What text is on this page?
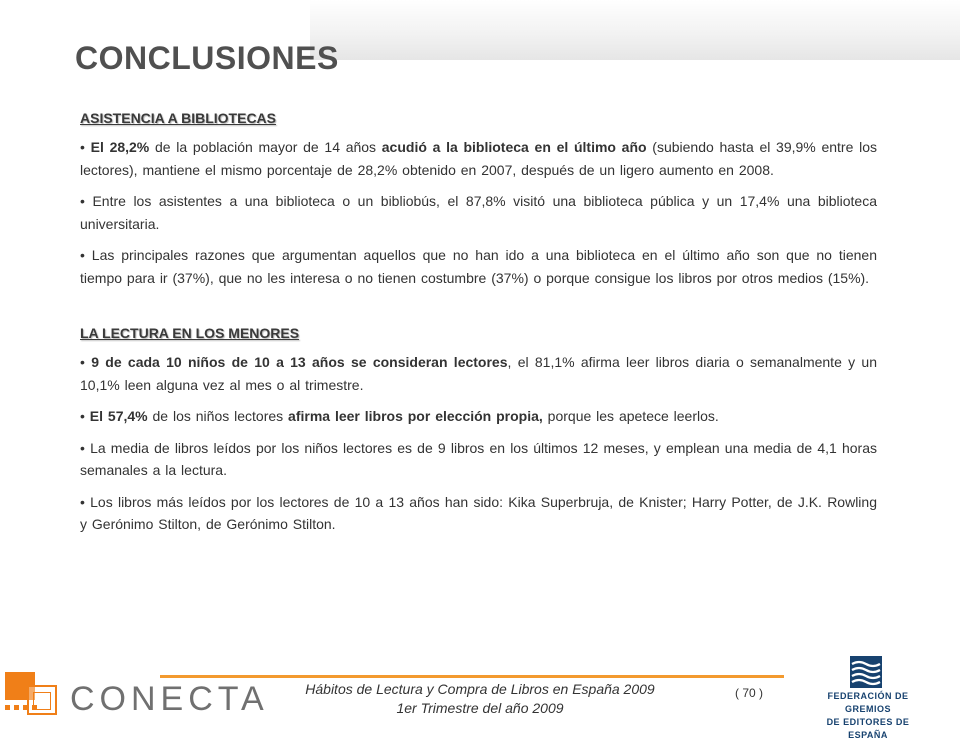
CONCLUSIONES
ASISTENCIA A BIBLIOTECAS

• El 28,2% de la población mayor de 14 años acudió a la biblioteca en el último año (subiendo hasta el 39,9% entre los lectores), mantiene el mismo porcentaje de 28,2% obtenido en 2007, después de un ligero aumento en 2008.

• Entre los asistentes a una biblioteca o un bibliobús, el 87,8% visitó una biblioteca pública y un 17,4% una biblioteca universitaria.

• Las principales razones que argumentan aquellos que no han ido a una biblioteca en el último año son que no tienen tiempo para ir (37%), que no les interesa o no tienen costumbre (37%) o porque consigue los libros por otros medios (15%).

LA LECTURA EN LOS MENORES

• 9 de cada 10 niños de 10 a 13 años se consideran lectores, el 81,1% afirma leer libros diaria o semanalmente y un 10,1% leen alguna vez al mes o al trimestre.

• El 57,4% de los niños lectores afirma leer libros por elección propia, porque les apetece leerlos.

• La media de libros leídos por los niños lectores es de 9 libros en los últimos 12 meses, y emplean una media de 4,1 horas semanales a la lectura.

• Los libros más leídos por los lectores de 10 a 13 años han sido: Kika Superbruja, de Knister; Harry Potter, de J.K. Rowling y Gerónimo Stilton, de Gerónimo Stilton.

CONECTA	Hábitos de Lectura y Compra de Libros en España 2009
1er Trimestre del año 2009
( 70 )	FEDERACIÓN DE GREMIOS
DE EDITORES DE ESPAÑA
